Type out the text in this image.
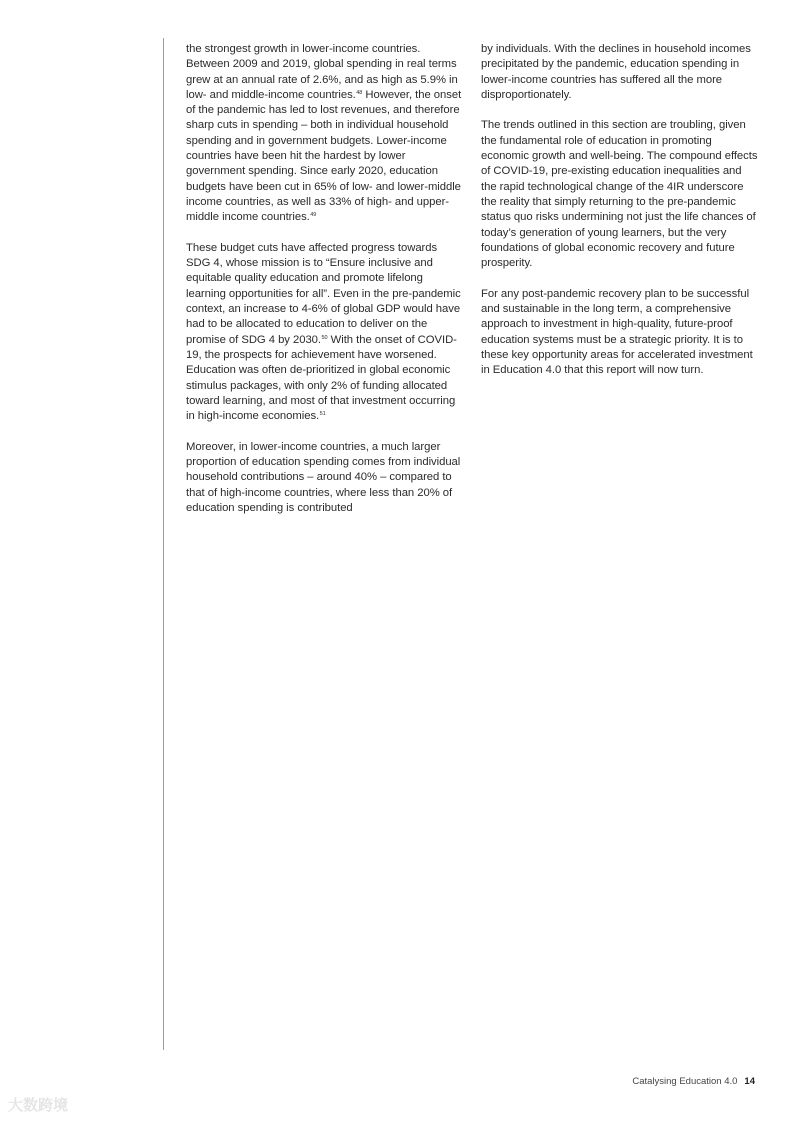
the strongest growth in lower-income countries. Between 2009 and 2019, global spending in real terms grew at an annual rate of 2.6%, and as high as 5.9% in low- and middle-income countries.$^{48}$ However, the onset of the pandemic has led to lost revenues, and therefore sharp cuts in spending – both in individual household spending and in government budgets. Lower-income countries have been hit the hardest by lower government spending. Since early 2020, education budgets have been cut in 65% of low- and lower-middle income countries, as well as 33% of high- and upper-middle income countries.$^{49}$

These budget cuts have affected progress towards SDG 4, whose mission is to “Ensure inclusive and equitable quality education and promote lifelong learning opportunities for all”. Even in the pre-pandemic context, an increase to 4-6% of global GDP would have had to be allocated to education to deliver on the promise of SDG 4 by 2030.50 With the onset of COVID-19, the prospects for achievement have worsened. Education was often de-prioritized in global economic stimulus packages, with only 2% of funding allocated toward learning, and most of that investment occurring in high-income economies.$^{51}$

Moreover, in lower-income countries, a much larger proportion of education spending comes from individual household contributions – around 40% – compared to that of high-income countries, where less than 20% of education spending is contributed

by individuals. With the declines in household incomes precipitated by the pandemic, education spending in lower-income countries has suffered all the more disproportionately.

The trends outlined in this section are troubling, given the fundamental role of education in promoting economic growth and well-being. The compound effects of COVID-19, pre-existing education inequalities and the rapid technological change of the 4IR underscore the reality that simply returning to the pre-pandemic status quo risks undermining not just the life chances of today’s generation of young learners, but the very foundations of global economic recovery and future prosperity.

For any post-pandemic recovery plan to be successful and sustainable in the long term, a comprehensive approach to investment in high-quality, future-proof education systems must be a strategic priority. It is to these key opportunity areas for accelerated investment in Education 4.0 that this report will now turn.

Catalysing Education 4.0 14
大数跨境
